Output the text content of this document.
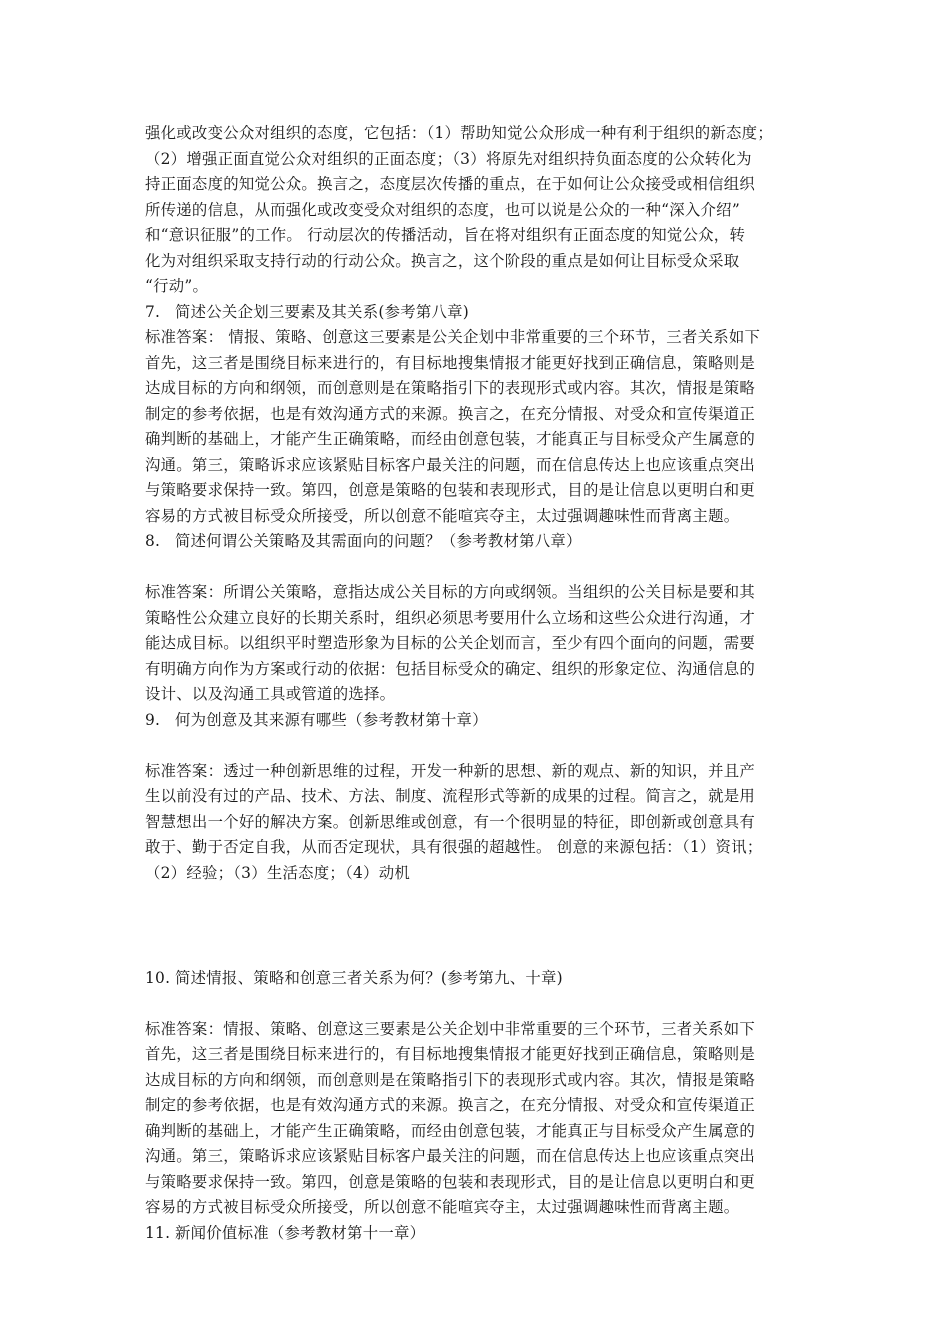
强化或改变公众对组织的态度，它包括：（1）帮助知觉公众形成一种有利于组织的新态度；
（2）增强正面直觉公众对组织的正面态度；（3）将原先对组织持负面态度的公众转化为
持正面态度的知觉公众。换言之，态度层次传播的重点，在于如何让公众接受或相信组织
所传递的信息，从而强化或改变受众对组织的态度，也可以说是公众的一种“深入介绍”
和“意识征服”的工作。 行动层次的传播活动，旨在将对组织有正面态度的知觉公众，转
化为对组织采取支持行动的行动公众。换言之，这个阶段的重点是如何让目标受众采取
“行动”。
7. 简述公关企划三要素及其关系(参考第八章)
标准答案： 情报、策略、创意这三要素是公关企划中非常重要的三个环节，三者关系如下
首先，这三者是围绕目标来进行的，有目标地搜集情报才能更好找到正确信息，策略则是
达成目标的方向和纲领，而创意则是在策略指引下的表现形式或内容。其次，情报是策略
制定的参考依据，也是有效沟通方式的来源。换言之，在充分情报、对受众和宣传渠道正
确判断的基础上，才能产生正确策略，而经由创意包装，才能真正与目标受众产生属意的
沟通。第三，策略诉求应该紧贴目标客户最关注的问题，而在信息传达上也应该重点突出
与策略要求保持一致。第四，创意是策略的包装和表现形式，目的是让信息以更明白和更
容易的方式被目标受众所接受，所以创意不能喧宾夺主，太过强调趣味性而背离主题。
8. 简述何谓公关策略及其需面向的问题？（参考教材第八章）
标准答案：所谓公关策略，意指达成公关目标的方向或纲领。当组织的公关目标是要和其
策略性公众建立良好的长期关系时，组织必须思考要用什么立场和这些公众进行沟通，才
能达成目标。以组织平时塑造形象为目标的公关企划而言，至少有四个面向的问题，需要
有明确方向作为方案或行动的依据：包括目标受众的确定、组织的形象定位、沟通信息的
设计、以及沟通工具或管道的选择。
9. 何为创意及其来源有哪些（参考教材第十章）
标准答案：透过一种创新思维的过程，开发一种新的思想、新的观点、新的知识，并且产
生以前没有过的产品、技术、方法、制度、流程形式等新的成果的过程。简言之，就是用
智慧想出一个好的解决方案。创新思维或创意，有一个很明显的特征，即创新或创意具有
敢于、勤于否定自我，从而否定现状，具有很强的超越性。 创意的来源包括：（1）资讯；
（2）经验；（3）生活态度；（4）动机
10. 简述情报、策略和创意三者关系为何？(参考第九、十章)
标准答案：情报、策略、创意这三要素是公关企划中非常重要的三个环节，三者关系如下
首先，这三者是围绕目标来进行的，有目标地搜集情报才能更好找到正确信息，策略则是
达成目标的方向和纲领，而创意则是在策略指引下的表现形式或内容。其次，情报是策略
制定的参考依据，也是有效沟通方式的来源。换言之，在充分情报、对受众和宣传渠道正
确判断的基础上，才能产生正确策略，而经由创意包装，才能真正与目标受众产生属意的
沟通。第三，策略诉求应该紧贴目标客户最关注的问题，而在信息传达上也应该重点突出
与策略要求保持一致。第四，创意是策略的包装和表现形式，目的是让信息以更明白和更
容易的方式被目标受众所接受，所以创意不能喧宾夺主，太过强调趣味性而背离主题。
11. 新闻价值标准（参考教材第十一章）
